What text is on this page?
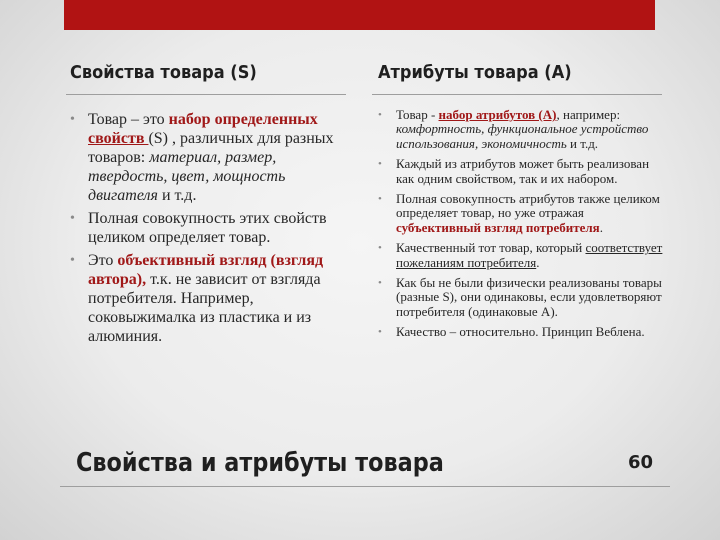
Свойства товара (S)	Атрибуты товара (А)
• Товар – это набор определенных свойств (S) , различных для разных товаров: материал, размер, твердость, цвет, мощность двигателя и т.д.
• Полная совокупность этих свойств целиком определяет товар.
• Это объективный взгляд (взгляд автора), т.к. не зависит от взгляда потребителя. Например, соковыжималка из пластика и из алюминия.
• Товар - набор атрибутов (А), например: комфортность, функциональное устройство использования, экономичность и т.д.
• Каждый из атрибутов может быть реализован как одним свойством, так и их набором.
• Полная совокупность атрибутов также целиком определяет товар, но уже отражая субъективный взгляд потребителя.
• Качественный тот товар, который соответствует пожеланиям потребителя.
• Как бы не были физически реализованы товары (разные S), они одинаковы, если удовлетворяют потребителя (одинаковые А).
• Качество – относительно. Принцип Веблена.
Свойства и атрибуты товара	60
